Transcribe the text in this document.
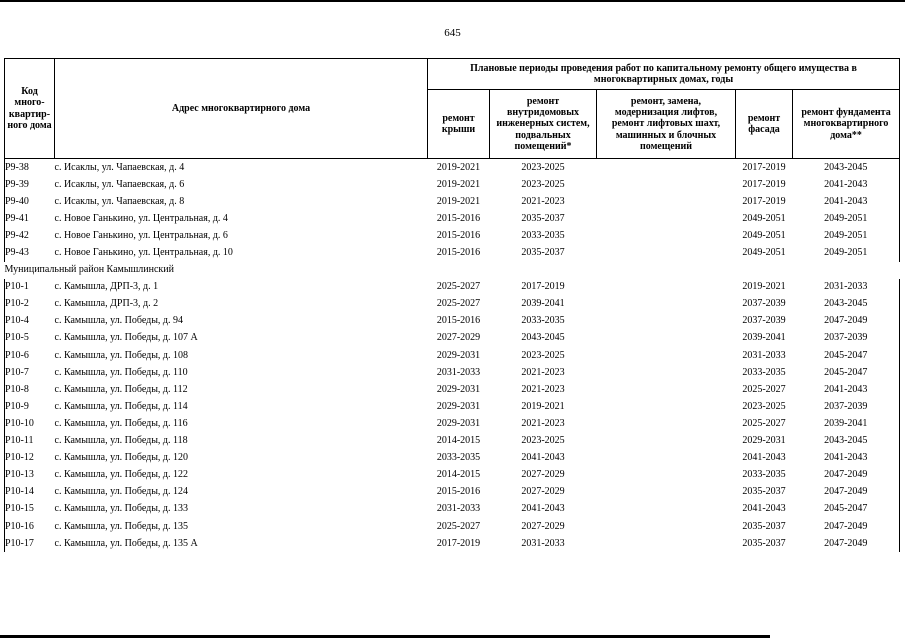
645
Код много-квартир-ного дома	Адрес многоквартирного дома	Плановые периоды проведения работ по капитальному ремонту общего имущества в многоквартирных домах, годы				
		ремонт крыши	ремонт внутридомовых инженерных систем, подвальных помещений*	ремонт, замена, модернизация лифтов, ремонт лифтовых шахт, машинных и блочных помещений	ремонт фасада	ремонт фундамента многоквартирного дома**
Р9-38	с. Исаклы, ул. Чапаевская, д. 4	2019-2021	2023-2025		2017-2019	2043-2045
Р9-39	с. Исаклы, ул. Чапаевская, д. 6	2019-2021	2023-2025		2017-2019	2041-2043
Р9-40	с. Исаклы, ул. Чапаевская, д. 8	2019-2021	2021-2023		2017-2019	2041-2043
Р9-41	с. Новое Ганькино, ул. Центральная, д. 4	2015-2016	2035-2037		2049-2051	2049-2051
Р9-42	с. Новое Ганькино, ул. Центральная, д. 6	2015-2016	2033-2035		2049-2051	2049-2051
Р9-43	с. Новое Ганькино, ул. Центральная, д. 10	2015-2016	2035-2037		2049-2051	2049-2051
Муниципальный район Камышлинский						
Р10-1	с. Камышла, ДРП-3, д. 1	2025-2027	2017-2019		2019-2021	2031-2033
Р10-2	с. Камышла, ДРП-3, д. 2	2025-2027	2039-2041		2037-2039	2043-2045
Р10-4	с. Камышла, ул. Победы, д. 94	2015-2016	2033-2035		2037-2039	2047-2049
Р10-5	с. Камышла, ул. Победы, д. 107 А	2027-2029	2043-2045		2039-2041	2037-2039
Р10-6	с. Камышла, ул. Победы, д. 108	2029-2031	2023-2025		2031-2033	2045-2047
Р10-7	с. Камышла, ул. Победы, д. 110	2031-2033	2021-2023		2033-2035	2045-2047
Р10-8	с. Камышла, ул. Победы, д. 112	2029-2031	2021-2023		2025-2027	2041-2043
Р10-9	с. Камышла, ул. Победы, д. 114	2029-2031	2019-2021		2023-2025	2037-2039
Р10-10	с. Камышла, ул. Победы, д. 116	2029-2031	2021-2023		2025-2027	2039-2041
Р10-11	с. Камышла, ул. Победы, д. 118	2014-2015	2023-2025		2029-2031	2043-2045
Р10-12	с. Камышла, ул. Победы, д. 120	2033-2035	2041-2043		2041-2043	2041-2043
Р10-13	с. Камышла, ул. Победы, д. 122	2014-2015	2027-2029		2033-2035	2047-2049
Р10-14	с. Камышла, ул. Победы, д. 124	2015-2016	2027-2029		2035-2037	2047-2049
Р10-15	с. Камышла, ул. Победы, д. 133	2031-2033	2041-2043		2041-2043	2045-2047
Р10-16	с. Камышла, ул. Победы, д. 135	2025-2027	2027-2029		2035-2037	2047-2049
Р10-17	с. Камышла, ул. Победы, д. 135 А	2017-2019	2031-2033		2035-2037	2047-2049
